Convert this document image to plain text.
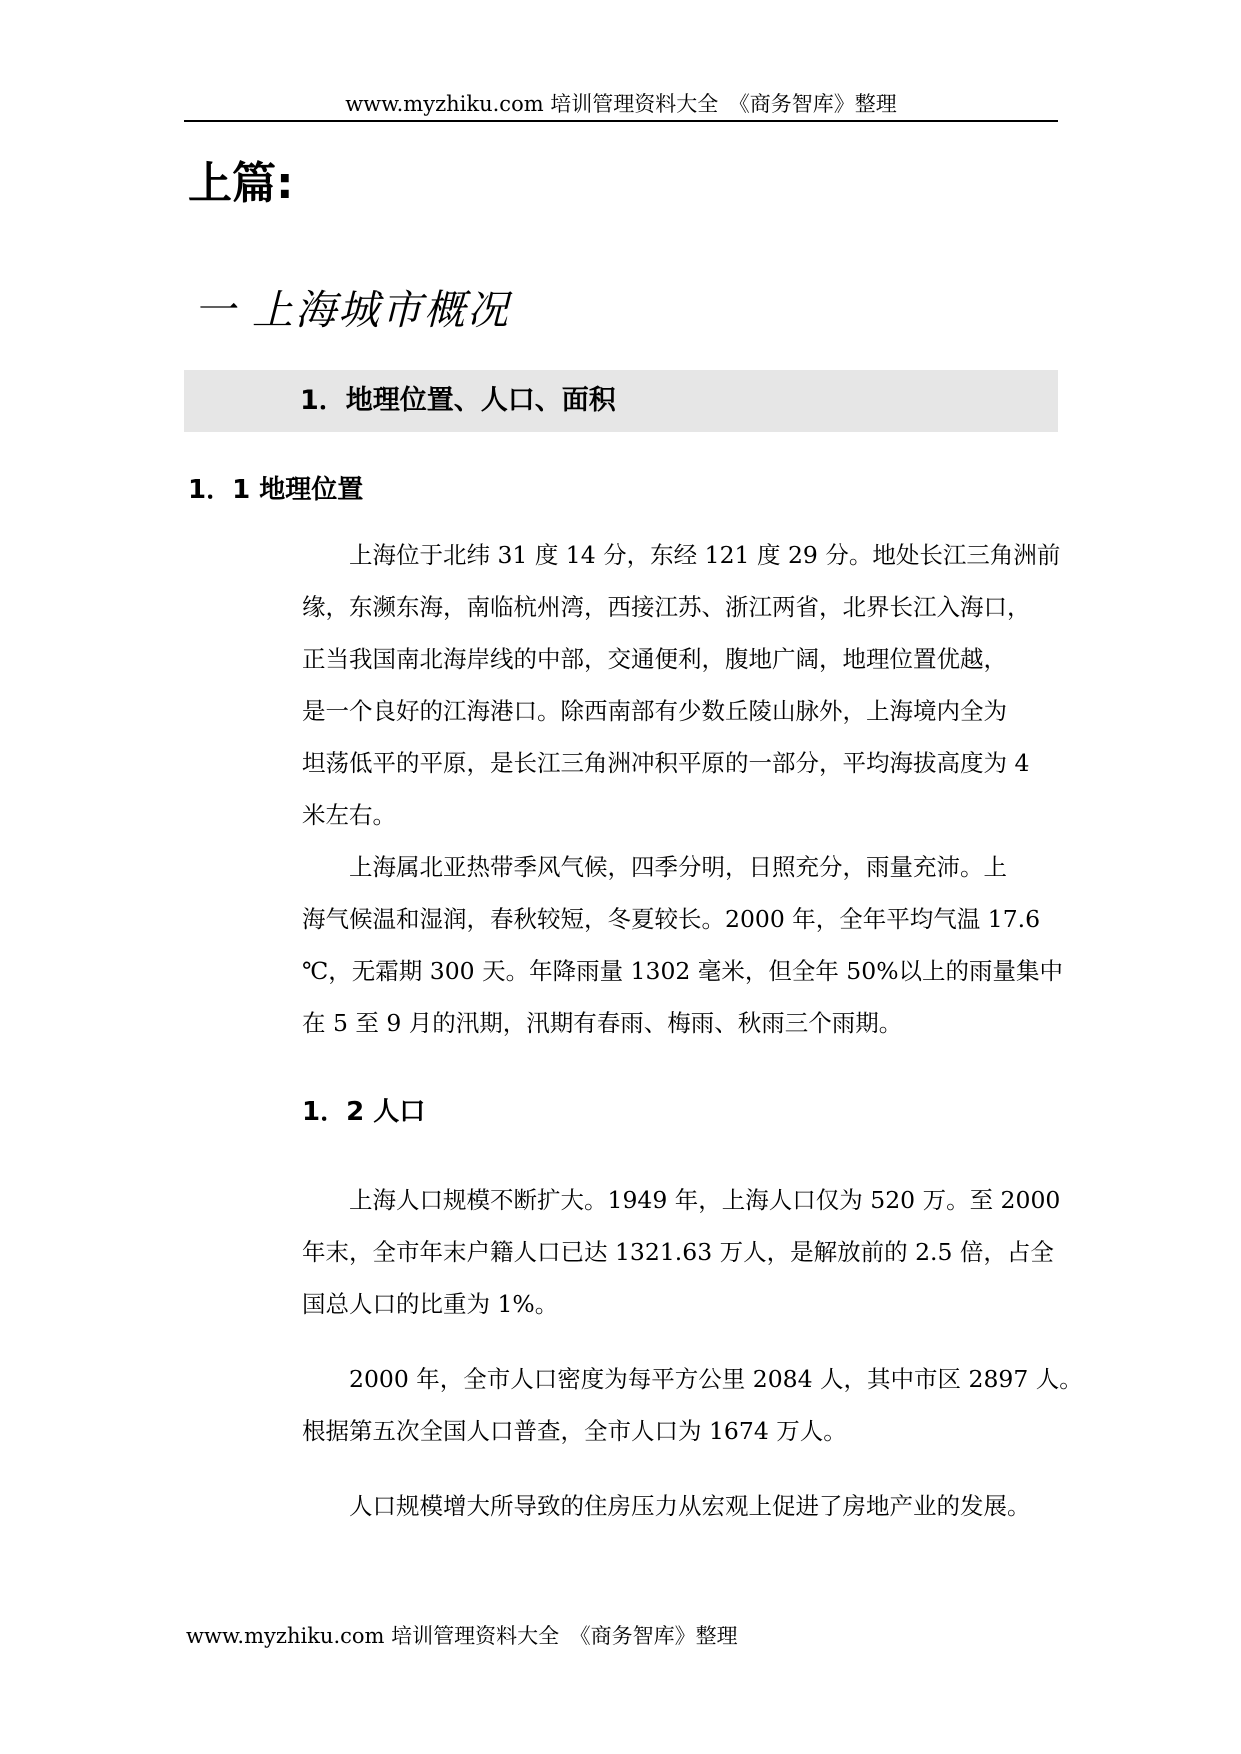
www.myzhiku.com 培训管理资料大全　《商务智库》整理
上篇:
一 上海城市概况
1．地理位置、人口、面积
1．1 地理位置

　　上海位于北纬 31 度 14 分，东经 121 度 29 分。地处长江三角洲前

缘，东濒东海，南临杭州湾，西接江苏、浙江两省，北界长江入海口，

正当我国南北海岸线的中部，交通便利，腹地广阔，地理位置优越，

是一个良好的江海港口。除西南部有少数丘陵山脉外，上海境内全为

坦荡低平的平原，是长江三角洲冲积平原的一部分，平均海拔高度为 4

米左右。

　　上海属北亚热带季风气候，四季分明，日照充分，雨量充沛。上

海气候温和湿润，春秋较短，冬夏较长。2000 年，全年平均气温 17.6

℃，无霜期 300 天。年降雨量 1302 毫米，但全年 50%以上的雨量集中

在 5 至 9 月的汛期，汛期有春雨、梅雨、秋雨三个雨期。

1．2 人口

　　上海人口规模不断扩大。1949 年，上海人口仅为 520 万。至 2000

年末，全市年末户籍人口已达 1321.63 万人，是解放前的 2.5 倍，占全

国总人口的比重为 1%。

　　2000 年，全市人口密度为每平方公里 2084 人，其中市区 2897 人。

根据第五次全国人口普查，全市人口为 1674 万人。

　　人口规模增大所导致的住房压力从宏观上促进了房地产业的发展。

www.myzhiku.com 培训管理资料大全　《商务智库》整理
